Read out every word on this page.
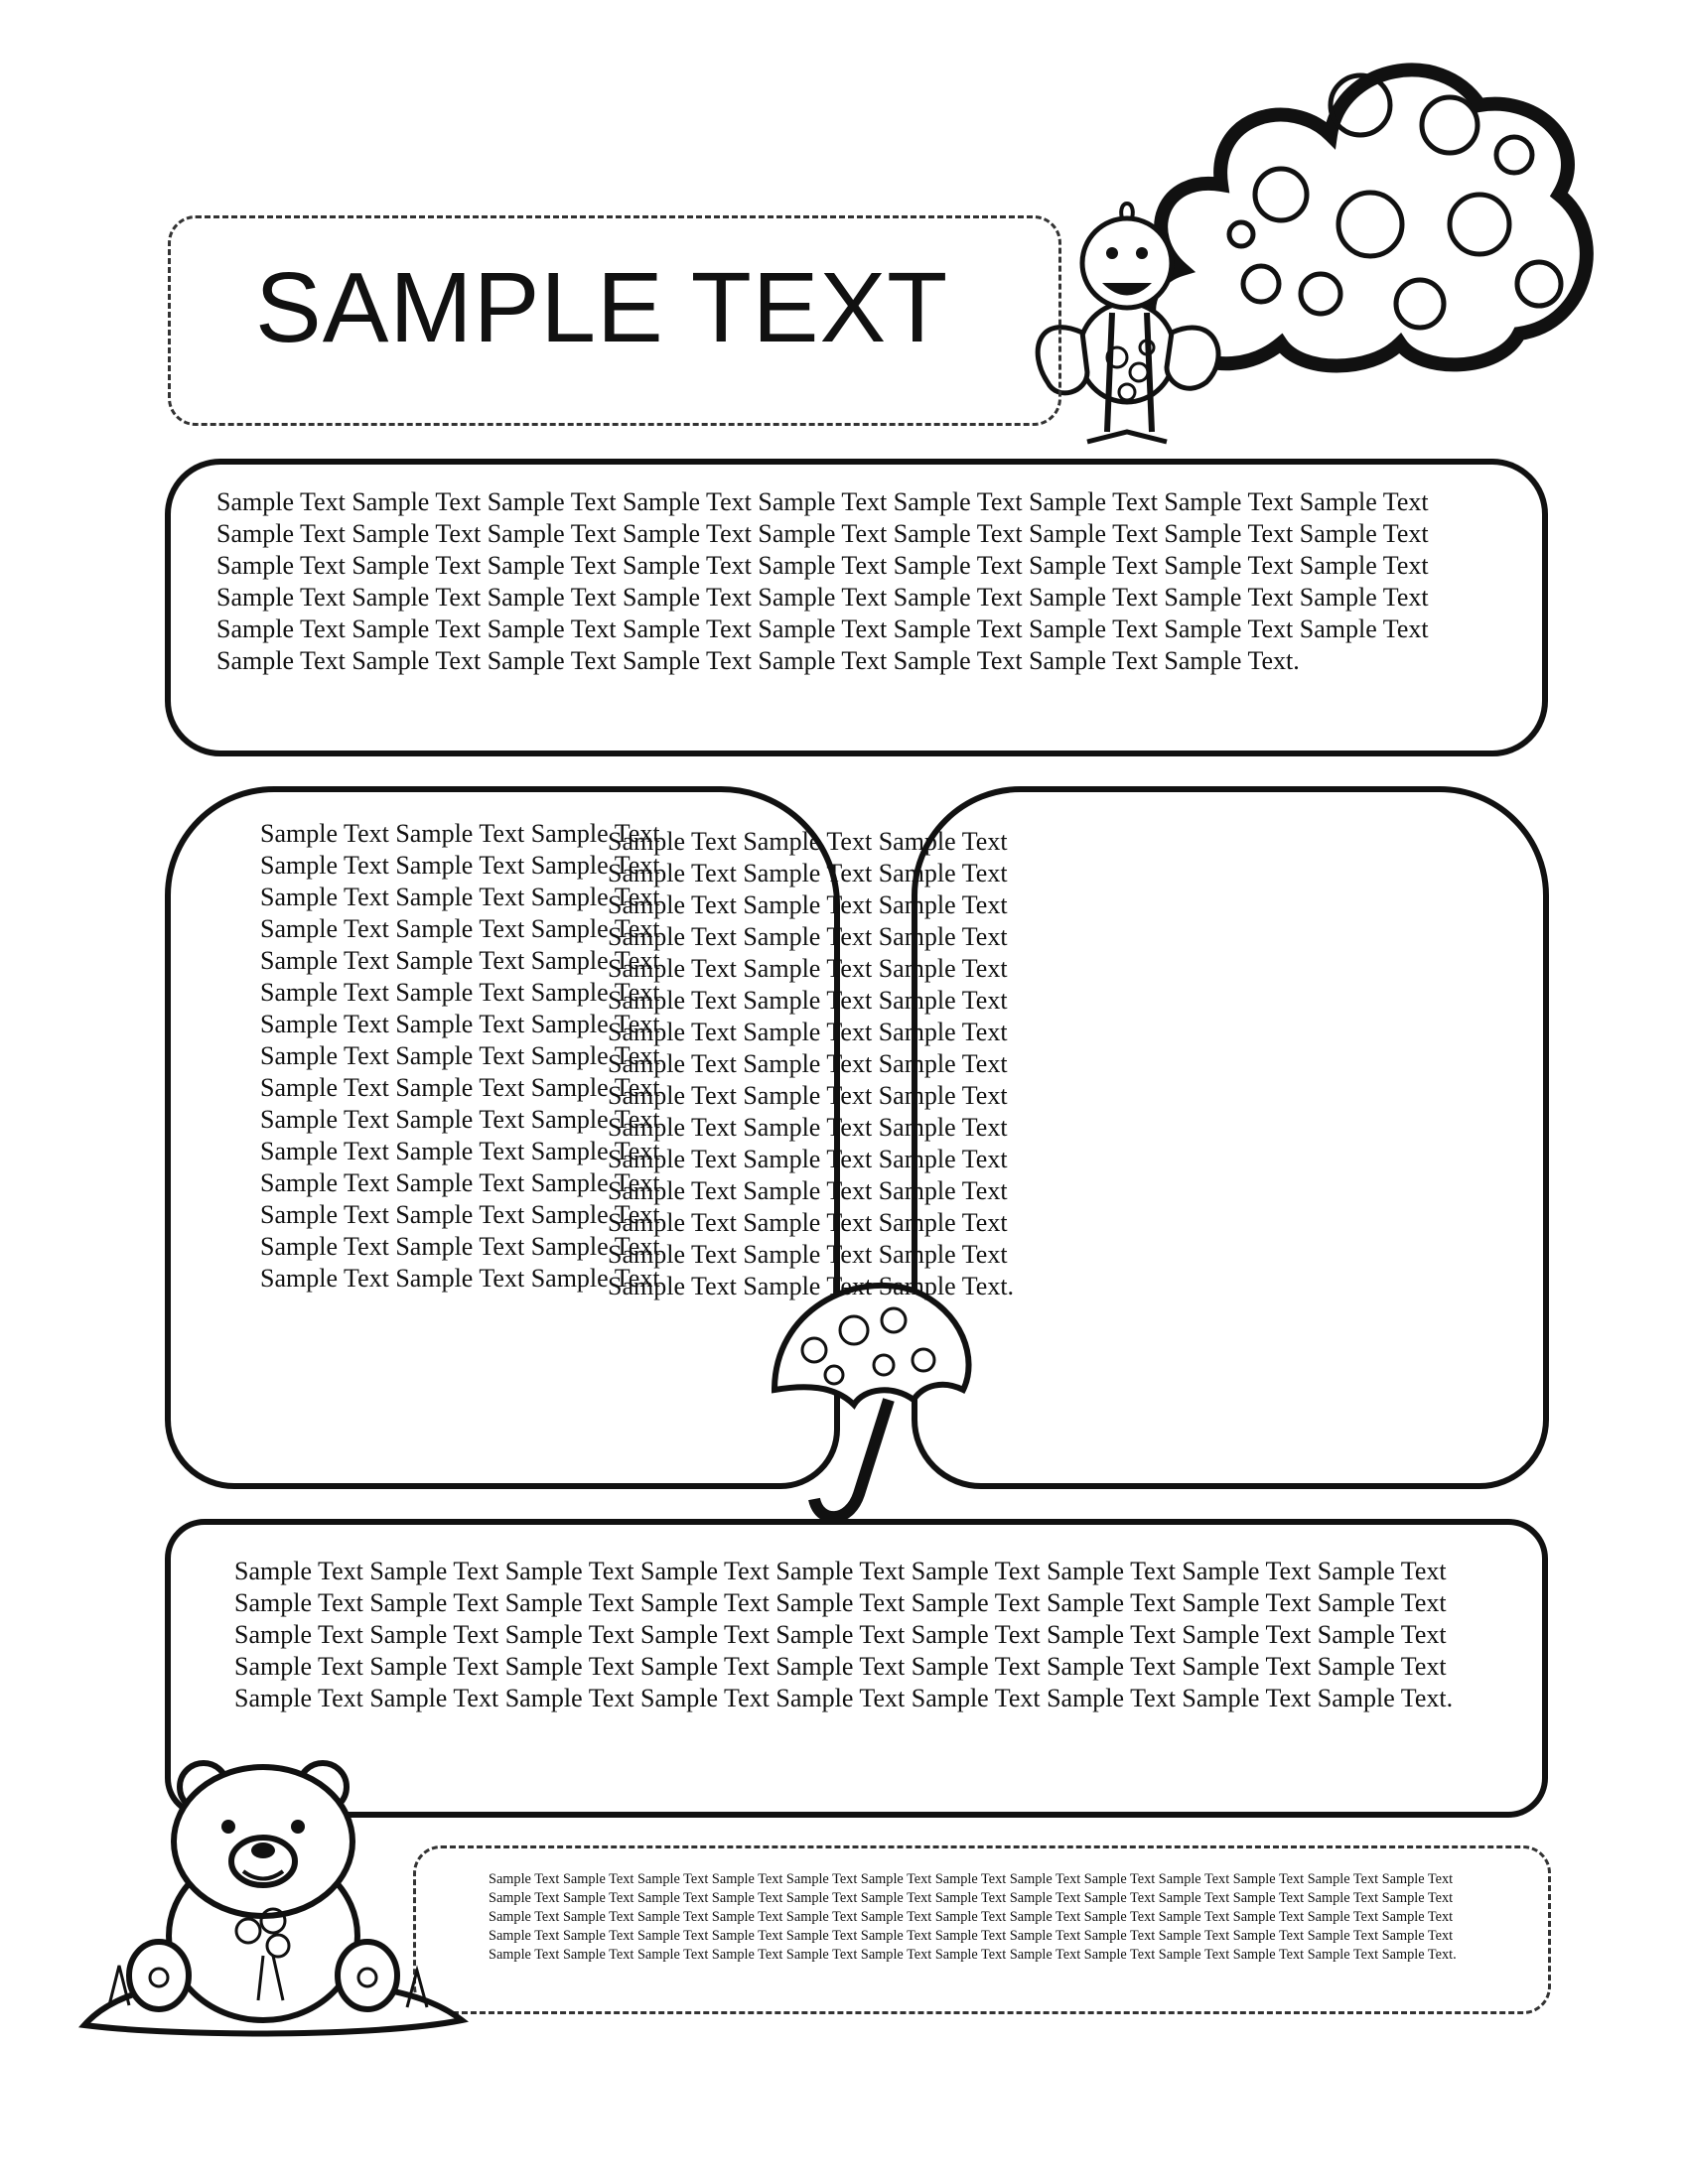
SAMPLE TEXT
Sample Text Sample Text Sample Text Sample Text Sample Text Sample Text Sample Text Sample Text Sample Text Sample Text Sample Text Sample Text Sample Text Sample Text Sample Text Sample Text Sample Text Sample Text Sample Text Sample Text Sample Text Sample Text Sample Text Sample Text Sample Text Sample Text Sample Text Sample Text Sample Text Sample Text Sample Text Sample Text Sample Text Sample Text Sample Text Sample Text Sample Text Sample Text Sample Text Sample Text Sample Text Sample Text Sample Text Sample Text Sample Text Sample Text Sample Text Sample Text Sample Text Sample Text Sample Text Sample Text Sample Text.
Sample Text Sample Text Sample Text
Sample Text Sample Text Sample Text
Sample Text Sample Text Sample Text
Sample Text Sample Text Sample Text
Sample Text Sample Text Sample Text
Sample Text Sample Text Sample Text
Sample Text Sample Text Sample Text
Sample Text Sample Text Sample Text
Sample Text Sample Text Sample Text
Sample Text Sample Text Sample Text
Sample Text Sample Text Sample Text
Sample Text Sample Text Sample Text
Sample Text Sample Text Sample Text
Sample Text Sample Text Sample Text
Sample Text Sample Text Sample Text
Sample Text Sample Text Sample Text
Sample Text Sample Text Sample Text
Sample Text Sample Text Sample Text
Sample Text Sample Text Sample Text
Sample Text Sample Text Sample Text
Sample Text Sample Text Sample Text
Sample Text Sample Text Sample Text
Sample Text Sample Text Sample Text
Sample Text Sample Text Sample Text
Sample Text Sample Text Sample Text
Sample Text Sample Text Sample Text
Sample Text Sample Text Sample Text
Sample Text Sample Text Sample Text
Sample Text Sample Text Sample Text
Sample Text Sample Text Sample Text.
Sample Text Sample Text Sample Text Sample Text Sample Text Sample Text Sample Text Sample Text Sample Text Sample Text Sample Text Sample Text Sample Text Sample Text Sample Text Sample Text Sample Text Sample Text Sample Text Sample Text Sample Text Sample Text Sample Text Sample Text Sample Text Sample Text Sample Text Sample Text Sample Text Sample Text Sample Text Sample Text Sample Text Sample Text Sample Text Sample Text Sample Text Sample Text Sample Text Sample Text Sample Text Sample Text Sample Text Sample Text Sample Text.
Sample Text Sample Text Sample Text Sample Text Sample Text Sample Text Sample Text Sample Text Sample Text Sample Text Sample Text Sample Text Sample Text Sample Text Sample Text Sample Text Sample Text Sample Text Sample Text Sample Text Sample Text Sample Text Sample Text Sample Text Sample Text Sample Text Sample Text Sample Text Sample Text Sample Text Sample Text Sample Text Sample Text Sample Text Sample Text Sample Text Sample Text Sample Text Sample Text Sample Text Sample Text Sample Text Sample Text Sample Text Sample Text Sample Text Sample Text Sample Text Sample Text Sample Text Sample Text Sample Text Sample Text Sample Text Sample Text Sample Text Sample Text Sample Text Sample Text Sample Text Sample Text Sample Text Sample Text Sample Text Sample Text.
